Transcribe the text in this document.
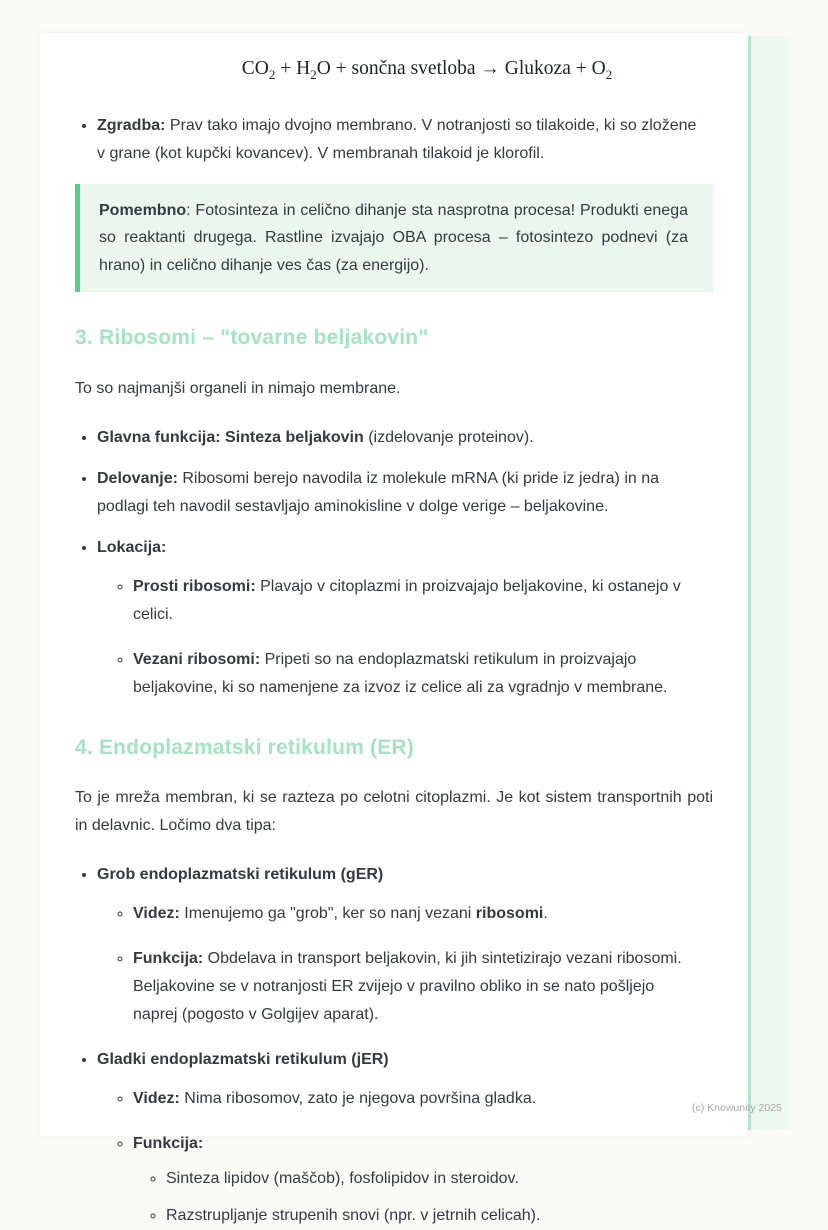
$CO_2 + H_2O$ + sončna svetloba → Glukoza + $O_2$
• Zgradba: Prav tako imajo dvojno membrano. V notranjosti so tilakoide, ki so zložene v grane (kot kupčki kovancev). V membranah tilakoid je klorofil.

Pomembno: Fotosinteza in celično dihanje sta nasprotna procesa! Produkti enega so reaktanti drugega. Rastline izvajajo OBA procesa – fotosintezo podnevi (za hrano) in celično dihanje ves čas (za energijo).

3. Ribosomi – "tovarne beljakovin"

To so najmanjši organeli in nimajo membrane.

• Glavna funkcija: Sinteza beljakovin (izdelovanje proteinov).
• Delovanje: Ribosomi berejo navodila iz molekule mRNA (ki pride iz jedra) in na podlagi teh navodil sestavljajo aminokisline v dolge verige – beljakovine.
• Lokacija:
◦ Prosti ribosomi: Plavajo v citoplazmi in proizvajajo beljakovine, ki ostanejo v celici.
◦ Vezani ribosomi: Pripeti so na endoplazmatski retikulum in proizvajajo beljakovine, ki so namenjene za izvoz iz celice ali za vgradnjo v membrane.
4. Endoplazmatski retikulum (ER)

To je mreža membran, ki se razteza po celotni citoplazmi. Je kot sistem transportnih poti in delavnic. Ločimo dva tipa:

• Grob endoplazmatski retikulum (gER)
◦ Videz: Imenujemo ga "grob", ker so nanj vezani ribosomi.
◦ Funkcija: Obdelava in transport beljakovin, ki jih sintetizirajo vezani ribosomi. Beljakovine se v notranjosti ER zvijejo v pravilno obliko in se nato pošljejo naprej (pogosto v Golgijev aparat).
• Gladki endoplazmatski retikulum (jER)
◦ Videz: Nima ribosomov, zato je njegova površina gladka.
◦ Funkcija:
◦ Sinteza lipidov (maščob), fosfolipidov in steroidov.
◦ Razstrupljanje strupenih snovi (npr. v jetrnih celicah).
(c) Knowunity 2025
